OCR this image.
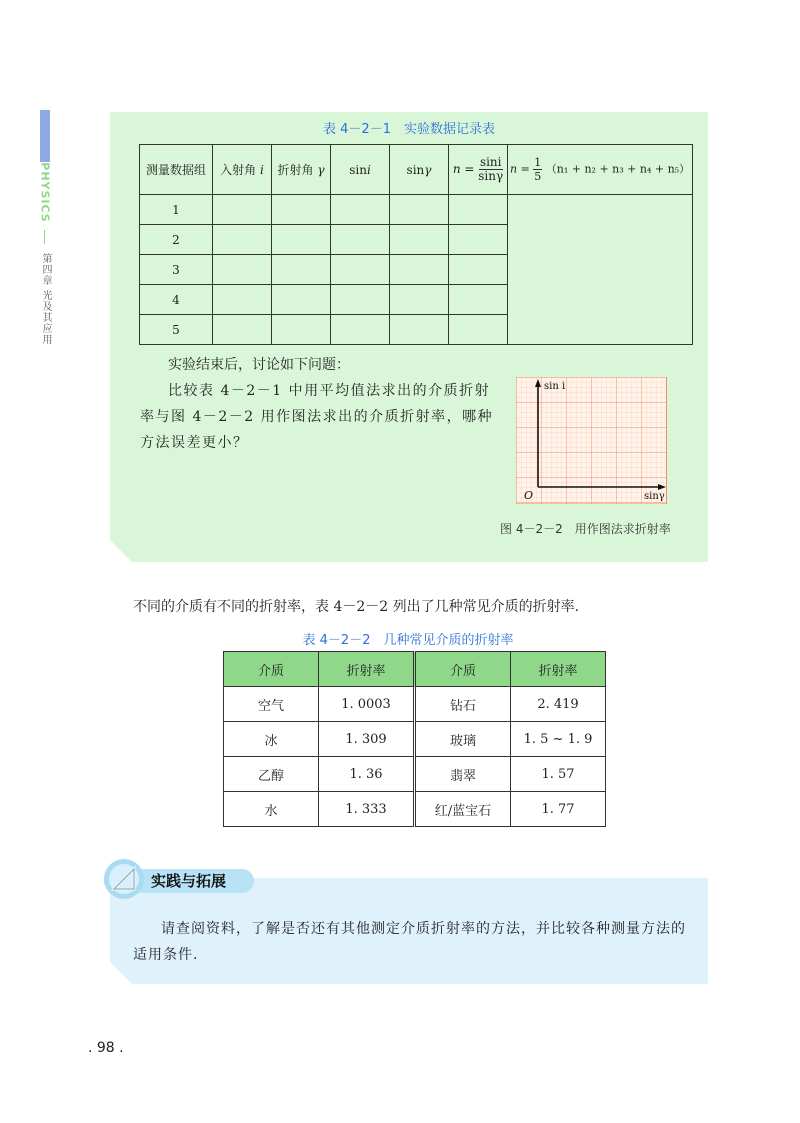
PHYSICS
第四章 光及其应用
表 4－2－1　实验数据记录表
测量数据组	入射角 i	折射角 γ	sini	sinγ	$n = \frac{\sin i}{\sin\gamma}$	$n = \frac{1}{5} (n_1 + n_2 + n_3 + n_4 + n_5)$
1						
2						
3						
4						
5						

实验结束后，讨论如下问题：

比较表 4－2－1 中用平均值法求出的介质折射率与图 4－2－2 用作图法求出的介质折射率，哪种方法误差更小？

sin i
O	sinγ
图 4－2－2　用作图法求折射率
不同的介质有不同的折射率，表 4－2－2 列出了几种常见介质的折射率.
表 4－2－2　几种常见介质的折射率
介质	折射率	介质	折射率
空气	1. 0003	钻石	2. 419
冰	1. 309	玻璃	1. 5 ~ 1. 9
乙醇	1. 36	翡翠	1. 57
水	1. 333	红/蓝宝石	1. 77
实践与拓展

请查阅资料，了解是否还有其他测定介质折射率的方法，并比较各种测量方法的适用条件.

. 98 .
